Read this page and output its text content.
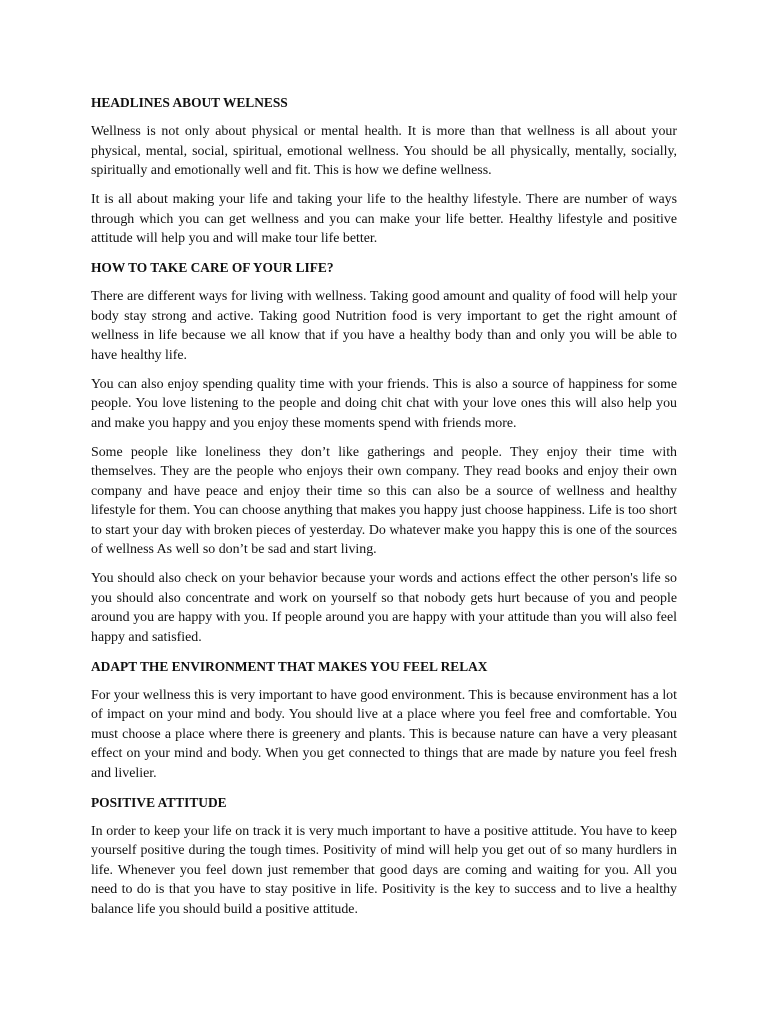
HEADLINES ABOUT WELNESS

Wellness is not only about physical or mental health. It is more than that wellness is all about your physical, mental, social, spiritual, emotional wellness. You should be all physically, mentally, socially, spiritually and emotionally well and fit. This is how we define wellness.

It is all about making your life and taking your life to the healthy lifestyle. There are number of ways through which you can get wellness and you can make your life better. Healthy lifestyle and positive attitude will help you and will make tour life better.

HOW TO TAKE CARE OF YOUR LIFE?

There are different ways for living with wellness. Taking good amount and quality of food will help your body stay strong and active. Taking good Nutrition food is very important to get the right amount of wellness in life because we all know that if you have a healthy body than and only you will be able to have healthy life.

You can also enjoy spending quality time with your friends. This is also a source of happiness for some people. You love listening to the people and doing chit chat with your love ones this will also help you and make you happy and you enjoy these moments spend with friends more.

Some people like loneliness they don’t like gatherings and people. They enjoy their time with themselves. They are the people who enjoys their own company. They read books and enjoy their own company and have peace and enjoy their time so this can also be a source of wellness and healthy lifestyle for them. You can choose anything that makes you happy just choose happiness. Life is too short to start your day with broken pieces of yesterday. Do whatever make you happy this is one of the sources of wellness As well so don’t be sad and start living.

You should also check on your behavior because your words and actions effect the other person's life so you should also concentrate and work on yourself so that nobody gets hurt because of you and people around you are happy with you. If people around you are happy with your attitude than you will also feel happy and satisfied.

ADAPT THE ENVIRONMENT THAT MAKES YOU FEEL RELAX

For your wellness this is very important to have good environment. This is because environment has a lot of impact on your mind and body. You should live at a place where you feel free and comfortable. You must choose a place where there is greenery and plants. This is because nature can have a very pleasant effect on your mind and body. When you get connected to things that are made by nature you feel fresh and livelier.

POSITIVE ATTITUDE

In order to keep your life on track it is very much important to have a positive attitude. You have to keep yourself positive during the tough times. Positivity of mind will help you get out of so many hurdlers in life. Whenever you feel down just remember that good days are coming and waiting for you. All you need to do is that you have to stay positive in life. Positivity is the key to success and to live a healthy balance life you should build a positive attitude.
